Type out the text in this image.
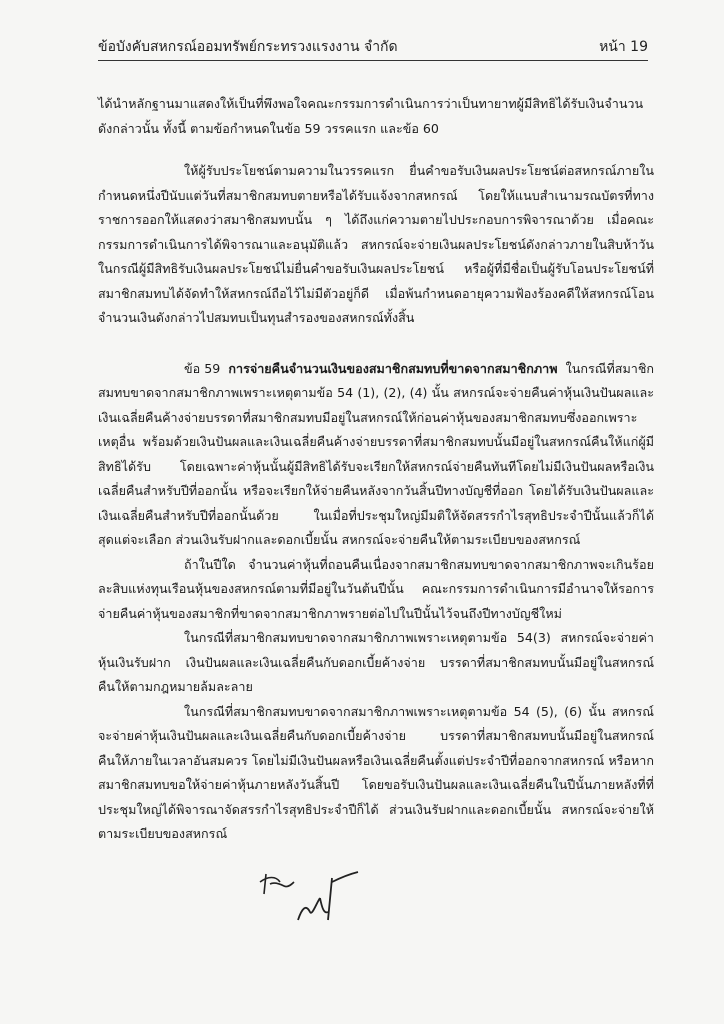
ข้อบังคับสหกรณ์ออมทรัพย์กระทรวงแรงงาน จำกัด	หน้า 19

ได้นำหลักฐานมาแสดงให้เป็นที่พึงพอใจคณะกรรมการดำเนินการว่าเป็นทายาทผู้มีสิทธิได้รับเงินจำนวนดังกล่าวนั้น ทั้งนี้ ตามข้อกำหนดในข้อ 59 วรรคแรก และข้อ 60

ให้ผู้รับประโยชน์ตามความในวรรคแรก ยื่นคำขอรับเงินผลประโยชน์ต่อสหกรณ์ภายในกำหนดหนึ่งปีนับแต่วันที่สมาชิกสมทบตายหรือได้รับแจ้งจากสหกรณ์ โดยให้แนบสำเนามรณบัตรที่ทางราชการออกให้แสดงว่าสมาชิกสมทบนั้น ๆ ได้ถึงแก่ความตายไปประกอบการพิจารณาด้วย เมื่อคณะกรรมการดำเนินการได้พิจารณาและอนุมัติแล้ว สหกรณ์จะจ่ายเงินผลประโยชน์ดังกล่าวภายในสิบห้าวัน ในกรณีผู้มีสิทธิรับเงินผลประโยชน์ไม่ยื่นคำขอรับเงินผลประโยชน์ หรือผู้ที่มีชื่อเป็นผู้รับโอนประโยชน์ที่สมาชิกสมทบได้จัดทำให้สหกรณ์ถือไว้ไม่มีตัวอยู่ก็ดี เมื่อพ้นกำหนดอายุความฟ้องร้องคดีให้สหกรณ์โอนจำนวนเงินดังกล่าวไปสมทบเป็นทุนสำรองของสหกรณ์ทั้งสิ้น

ข้อ 59 การจ่ายคืนจำนวนเงินของสมาชิกสมทบที่ขาดจากสมาชิกภาพ ในกรณีที่สมาชิกสมทบขาดจากสมาชิกภาพเพราะเหตุตามข้อ 54 (1), (2), (4) นั้น สหกรณ์จะจ่ายคืนค่าหุ้นเงินปันผลและเงินเฉลี่ยคืนค้างจ่ายบรรดาที่สมาชิกสมทบมีอยู่ในสหกรณ์ให้ก่อนค่าหุ้นของสมาชิกสมทบซึ่งออกเพราะเหตุอื่น พร้อมด้วยเงินปันผลและเงินเฉลี่ยคืนค้างจ่ายบรรดาที่สมาชิกสมทบนั้นมีอยู่ในสหกรณ์คืนให้แก่ผู้มีสิทธิได้รับ โดยเฉพาะค่าหุ้นนั้นผู้มีสิทธิได้รับจะเรียกให้สหกรณ์จ่ายคืนทันทีโดยไม่มีเงินปันผลหรือเงินเฉลี่ยคืนสำหรับปีที่ออกนั้น หรือจะเรียกให้จ่ายคืนหลังจากวันสิ้นปีทางบัญชีที่ออก โดยได้รับเงินปันผลและเงินเฉลี่ยคืนสำหรับปีที่ออกนั้นด้วย ในเมื่อที่ประชุมใหญ่มีมติให้จัดสรรกำไรสุทธิประจำปีนั้นแล้วก็ได้ สุดแต่จะเลือก ส่วนเงินรับฝากและดอกเบี้ยนั้น สหกรณ์จะจ่ายคืนให้ตามระเบียบของสหกรณ์

ถ้าในปีใด จำนวนค่าหุ้นที่ถอนคืนเนื่องจากสมาชิกสมทบขาดจากสมาชิกภาพจะเกินร้อยละสิบแห่งทุนเรือนหุ้นของสหกรณ์ตามที่มีอยู่ในวันต้นปีนั้น คณะกรรมการดำเนินการมีอำนาจให้รอการจ่ายคืนค่าหุ้นของสมาชิกที่ขาดจากสมาชิกภาพรายต่อไปในปีนั้นไว้จนถึงปีทางบัญชีใหม่

ในกรณีที่สมาชิกสมทบขาดจากสมาชิกภาพเพราะเหตุตามข้อ 54(3) สหกรณ์จะจ่ายค่าหุ้นเงินรับฝาก เงินปันผลและเงินเฉลี่ยคืนกับดอกเบี้ยค้างจ่าย บรรดาที่สมาชิกสมทบนั้นมีอยู่ในสหกรณ์คืนให้ตามกฎหมายล้มละลาย

ในกรณีที่สมาชิกสมทบขาดจากสมาชิกภาพเพราะเหตุตามข้อ 54 (5), (6) นั้น สหกรณ์จะจ่ายค่าหุ้นเงินปันผลและเงินเฉลี่ยคืนกับดอกเบี้ยค้างจ่าย บรรดาที่สมาชิกสมทบนั้นมีอยู่ในสหกรณ์คืนให้ภายในเวลาอันสมควร โดยไม่มีเงินปันผลหรือเงินเฉลี่ยคืนตั้งแต่ประจำปีที่ออกจากสหกรณ์ หรือหากสมาชิกสมทบขอให้จ่ายค่าหุ้นภายหลังวันสิ้นปี โดยขอรับเงินปันผลและเงินเฉลี่ยคืนในปีนั้นภายหลังที่ที่ประชุมใหญ่ได้พิจารณาจัดสรรกำไรสุทธิประจำปีก็ได้ ส่วนเงินรับฝากและดอกเบี้ยนั้น สหกรณ์จะจ่ายให้ตามระเบียบของสหกรณ์
